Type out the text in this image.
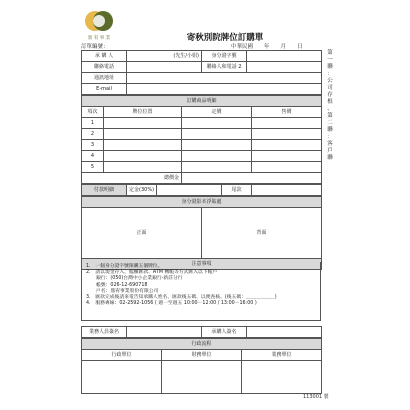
鼎 宥 事 業	寄秋別院牌位訂購單
訂單編號：	中華民國　　年　　月　　日
承 購 人	(先生/小姐)	身分證字號	
聯絡電話		聯絡人和電話 2	
通訊地址			
E-mail			
訂購商品明細			
項次	牌位位置	定價	售價
1			
2			
3			
4			
5			
總價金			
付款明細	定金(30%)		尾款	
身分證影本浮貼處
正面	背面
注意事項
1.　一個身分證字號限購五個牌位。
2.　請以現金存入、臨櫃匯款、ATM 轉帳等方式匯入以下帳戶
銀行：(050)台灣中小企業銀行-新莊分行
帳號：026-12-690718
戶名：鼎宥事業股份有限公司
3.　匯款完成後請來電告知承購人姓名、匯款後五碼、以便查核。(後五碼：＿＿＿＿＿＿)
4.　服務專線：02-2592-1056 ( 週一至週五 10:00－12:00 / 13:00－16:00 )
業務人員簽名		承購人簽名	
行政流程		
行政單位	財務單位	業務單位

第
一
聯
：
公
司
存
根
、
第
二
聯
：
客
戶
聯
113001 製
